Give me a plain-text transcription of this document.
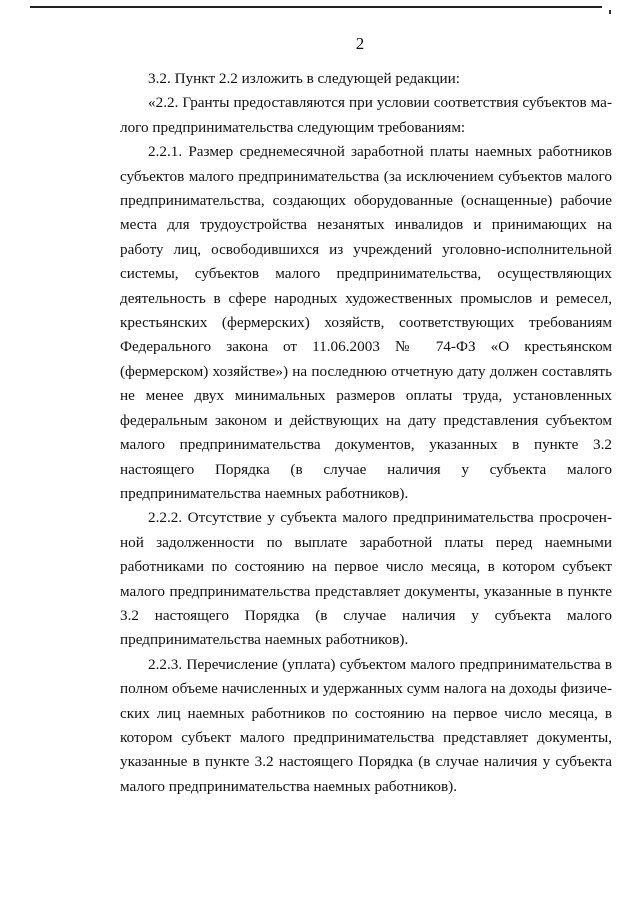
2

3.2. Пункт 2.2 изложить в следующей редакции:

«2.2. Гранты предоставляются при условии соответствия субъектов малого предпринимательства следующим требованиям:

2.2.1. Размер среднемесячной заработной платы наемных работников субъектов малого предпринимательства (за исключением субъектов малого предпринимательства, создающих оборудованные (оснащенные) рабочие места для трудоустройства незанятых инвалидов и принимающих на работу лиц, освободившихся из учреждений уголовно-исполнительной системы, субъектов малого предпринимательства, осуществляющих деятельность в сфере народных художественных промыслов и ремесел, крестьянских (фермерских) хозяйств, соответствующих требованиям Федерального закона от 11.06.2003 № 74-ФЗ «О крестьянском (фермерском) хозяйстве») на последнюю отчетную дату должен составлять не менее двух минимальных размеров оплаты труда, установленных федеральным законом и действующих на дату представления субъектом малого предпринимательства документов, указанных в пункте 3.2 настоящего Порядка (в случае наличия у субъекта малого предпринимательства наемных работников).

2.2.2. Отсутствие у субъекта малого предпринимательства просроченной задолженности по выплате заработной платы перед наемными работниками по состоянию на первое число месяца, в котором субъект малого предпринимательства представляет документы, указанные в пункте 3.2 настоящего Порядка (в случае наличия у субъекта малого предпринимательства наемных работников).

2.2.3. Перечисление (уплата) субъектом малого предпринимательства в полном объеме начисленных и удержанных сумм налога на доходы физических лиц наемных работников по состоянию на первое число месяца, в котором субъект малого предпринимательства представляет документы, указанные в пункте 3.2 настоящего Порядка (в случае наличия у субъекта малого предпринимательства наемных работников).
